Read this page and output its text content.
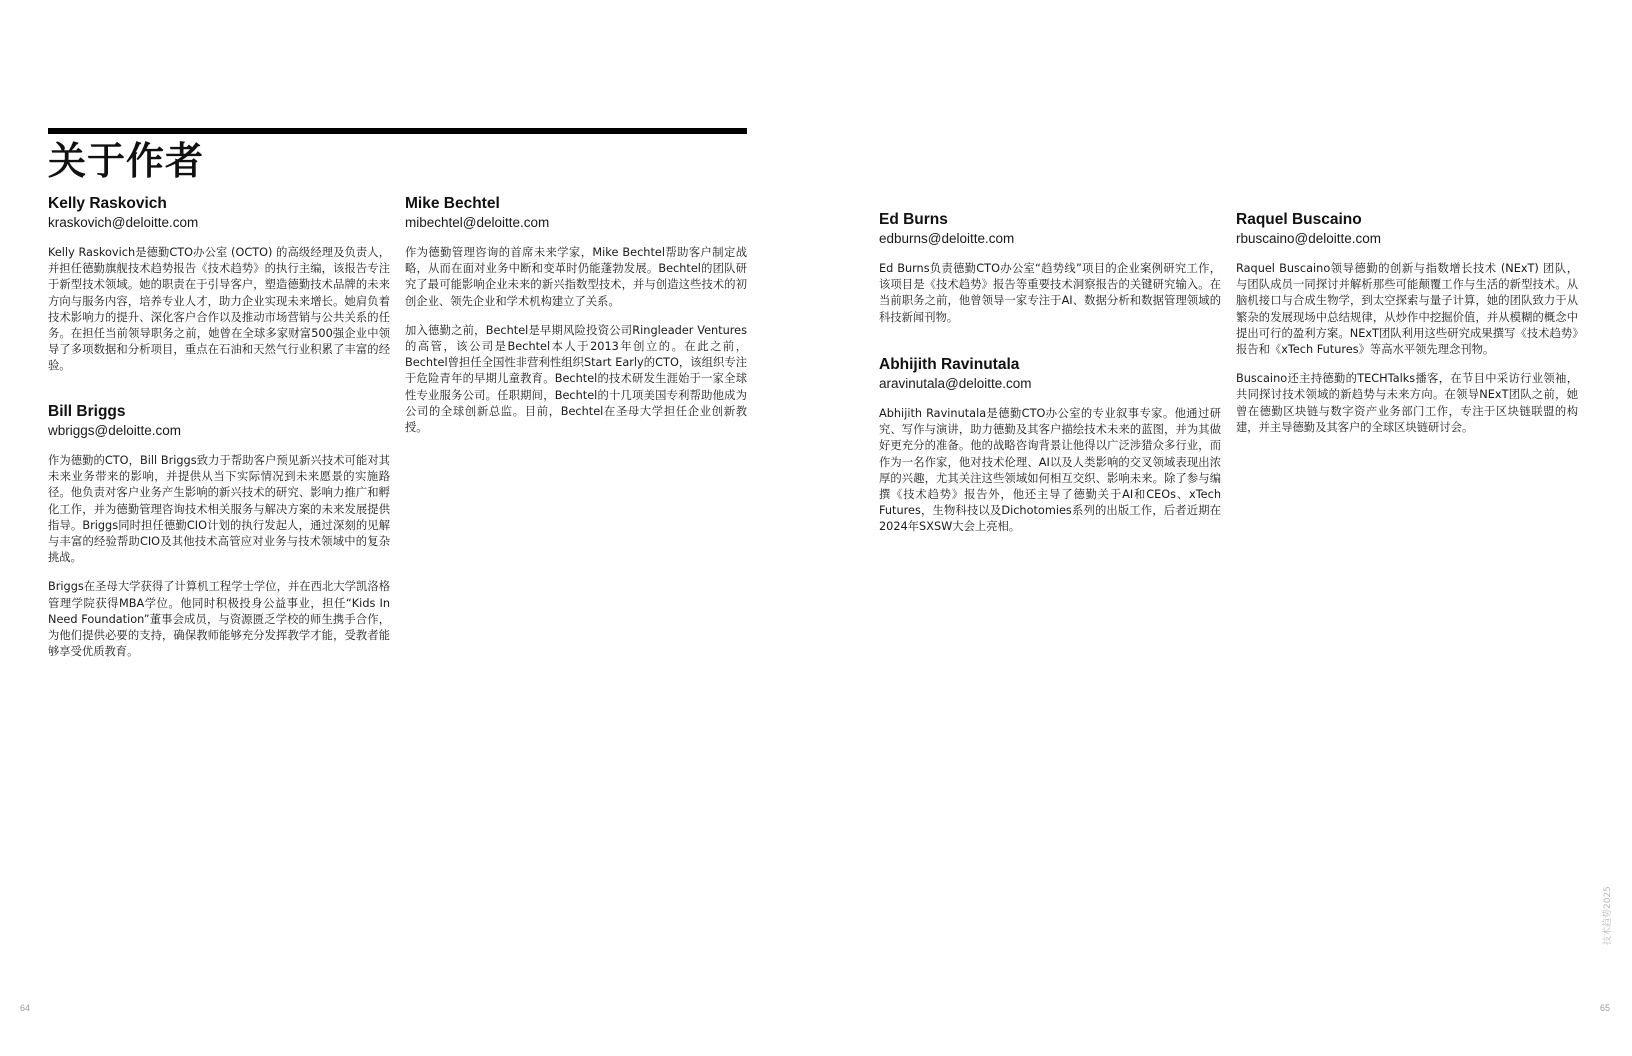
关于作者
Kelly Raskovich
kraskovich@deloitte.com

Kelly Raskovich是德勤CTO办公室 (OCTO) 的高级经理及负责人，并担任德勤旗舰技术趋势报告《技术趋势》的执行主编，该报告专注于新型技术领域。她的职责在于引导客户，塑造德勤技术品牌的未来方向与服务内容，培养专业人才，助力企业实现未来增长。她肩负着技术影响力的提升、深化客户合作以及推动市场营销与公共关系的任务。在担任当前领导职务之前，她曾在全球多家财富500强企业中领导了多项数据和分析项目，重点在石油和天然气行业积累了丰富的经验。

Bill Briggs
wbriggs@deloitte.com

作为德勤的CTO，Bill Briggs致力于帮助客户预见新兴技术可能对其未来业务带来的影响，并提供从当下实际情况到未来愿景的实施路径。他负责对客户业务产生影响的新兴技术的研究、影响力推广和孵化工作，并为德勤管理咨询技术相关服务与解决方案的未来发展提供指导。Briggs同时担任德勤CIO计划的执行发起人，通过深刻的见解与丰富的经验帮助CIO及其他技术高管应对业务与技术领域中的复杂挑战。

Briggs在圣母大学获得了计算机工程学士学位，并在西北大学凯洛格管理学院获得MBA学位。他同时积极投身公益事业，担任“Kids In Need Foundation”董事会成员，与资源匮乏学校的师生携手合作，为他们提供必要的支持，确保教师能够充分发挥教学才能，受教者能够享受优质教育。

Mike Bechtel
mibechtel@deloitte.com

作为德勤管理咨询的首席未来学家，Mike Bechtel帮助客户制定战略，从而在面对业务中断和变革时仍能蓬勃发展。Bechtel的团队研究了最可能影响企业未来的新兴指数型技术，并与创造这些技术的初创企业、领先企业和学术机构建立了关系。

加入德勤之前，Bechtel是早期风险投资公司Ringleader Ventures的高管，该公司是Bechtel本人于2013年创立的。在此之前，Bechtel曾担任全国性非营利性组织Start Early的CTO，该组织专注于危险青年的早期儿童教育。Bechtel的技术研发生涯始于一家全球性专业服务公司。任职期间，Bechtel的十几项美国专利帮助他成为公司的全球创新总监。目前，Bechtel在圣母大学担任企业创新教授。

Ed Burns
edburns@deloitte.com

Ed Burns负责德勤CTO办公室“趋势线”项目的企业案例研究工作，该项目是《技术趋势》报告等重要技术洞察报告的关键研究输入。在当前职务之前，他曾领导一家专注于AI、数据分析和数据管理领域的科技新闻刊物。

Abhijith Ravinutala
aravinutala@deloitte.com

Abhijith Ravinutala是德勤CTO办公室的专业叙事专家。他通过研究、写作与演讲，助力德勤及其客户描绘技术未来的蓝图，并为其做好更充分的准备。他的战略咨询背景让他得以广泛涉猎众多行业，而作为一名作家，他对技术伦理、AI以及人类影响的交叉领域表现出浓厚的兴趣，尤其关注这些领域如何相互交织、影响未来。除了参与编撰《技术趋势》报告外，他还主导了德勤关于AI和CEOs、xTech Futures，生物科技以及Dichotomies系列的出版工作，后者近期在2024年SXSW大会上亮相。

Raquel Buscaino
rbuscaino@deloitte.com

Raquel Buscaino领导德勤的创新与指数增长技术 (NExT) 团队，与团队成员一同探讨并解析那些可能颠覆工作与生活的新型技术。从脑机接口与合成生物学，到太空探索与量子计算，她的团队致力于从繁杂的发展现场中总结规律，从炒作中挖掘价值，并从模糊的概念中提出可行的盈利方案。NExT团队利用这些研究成果撰写《技术趋势》报告和《xTech Futures》等高水平领先理念刊物。

Buscaino还主持德勤的TECHTalks播客，在节目中采访行业领袖，共同探讨技术领域的新趋势与未来方向。在领导NExT团队之前，她曾在德勤区块链与数字资产业务部门工作，专注于区块链联盟的构建，并主导德勤及其客户的全球区块链研讨会。

64	65
技术趋势2025
